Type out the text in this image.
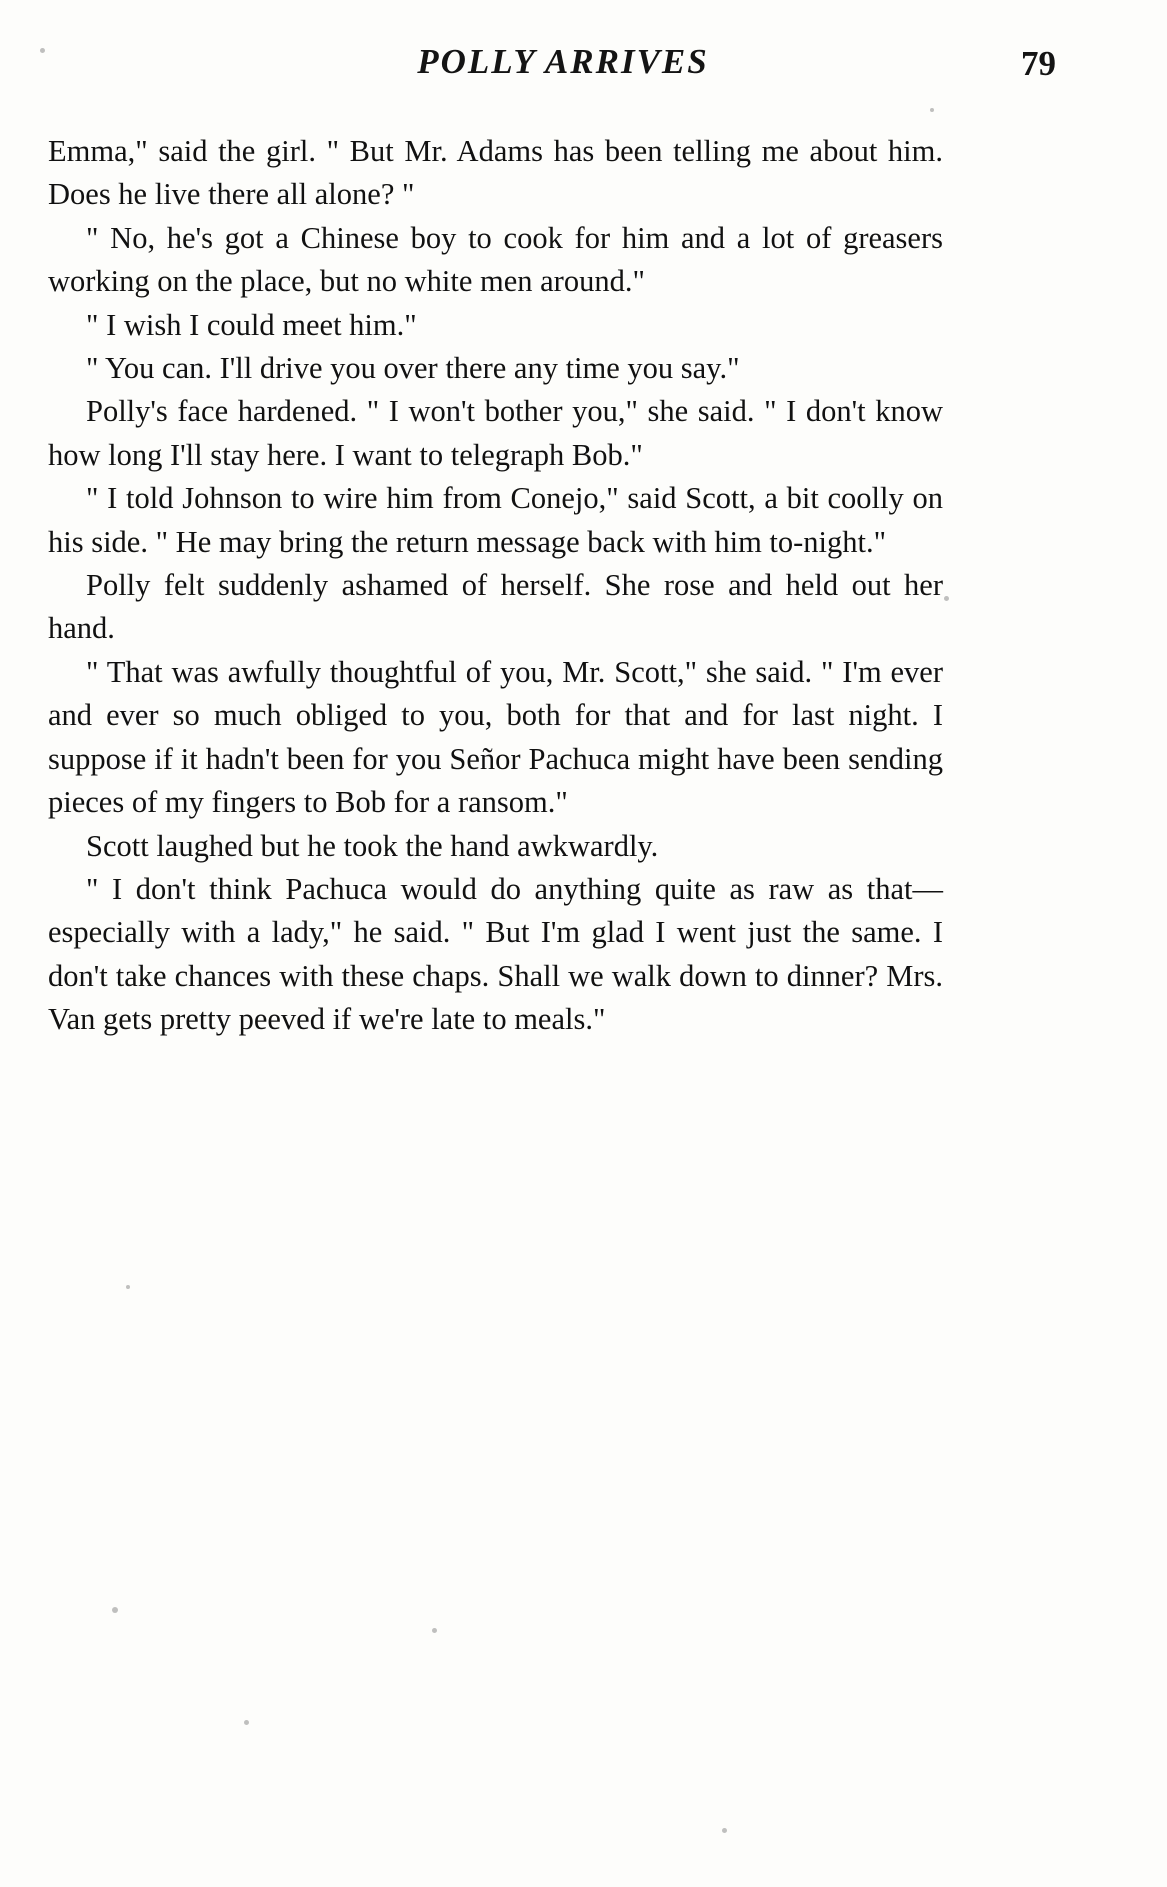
POLLY ARRIVES	79

Emma," said the girl. " But Mr. Adams has been telling me about him. Does he live there all alone? "

" No, he's got a Chinese boy to cook for him and a lot of greasers working on the place, but no white men around."

" I wish I could meet him."

" You can. I'll drive you over there any time you say."

Polly's face hardened. " I won't bother you," she said. " I don't know how long I'll stay here. I want to telegraph Bob."

" I told Johnson to wire him from Conejo," said Scott, a bit coolly on his side. " He may bring the return message back with him to-night."

Polly felt suddenly ashamed of herself. She rose and held out her hand.

" That was awfully thoughtful of you, Mr. Scott," she said. " I'm ever and ever so much obliged to you, both for that and for last night. I suppose if it hadn't been for you Señor Pachuca might have been sending pieces of my fingers to Bob for a ransom."

Scott laughed but he took the hand awkwardly.

" I don't think Pachuca would do anything quite as raw as that—especially with a lady," he said. " But I'm glad I went just the same. I don't take chances with these chaps. Shall we walk down to dinner? Mrs. Van gets pretty peeved if we're late to meals."
